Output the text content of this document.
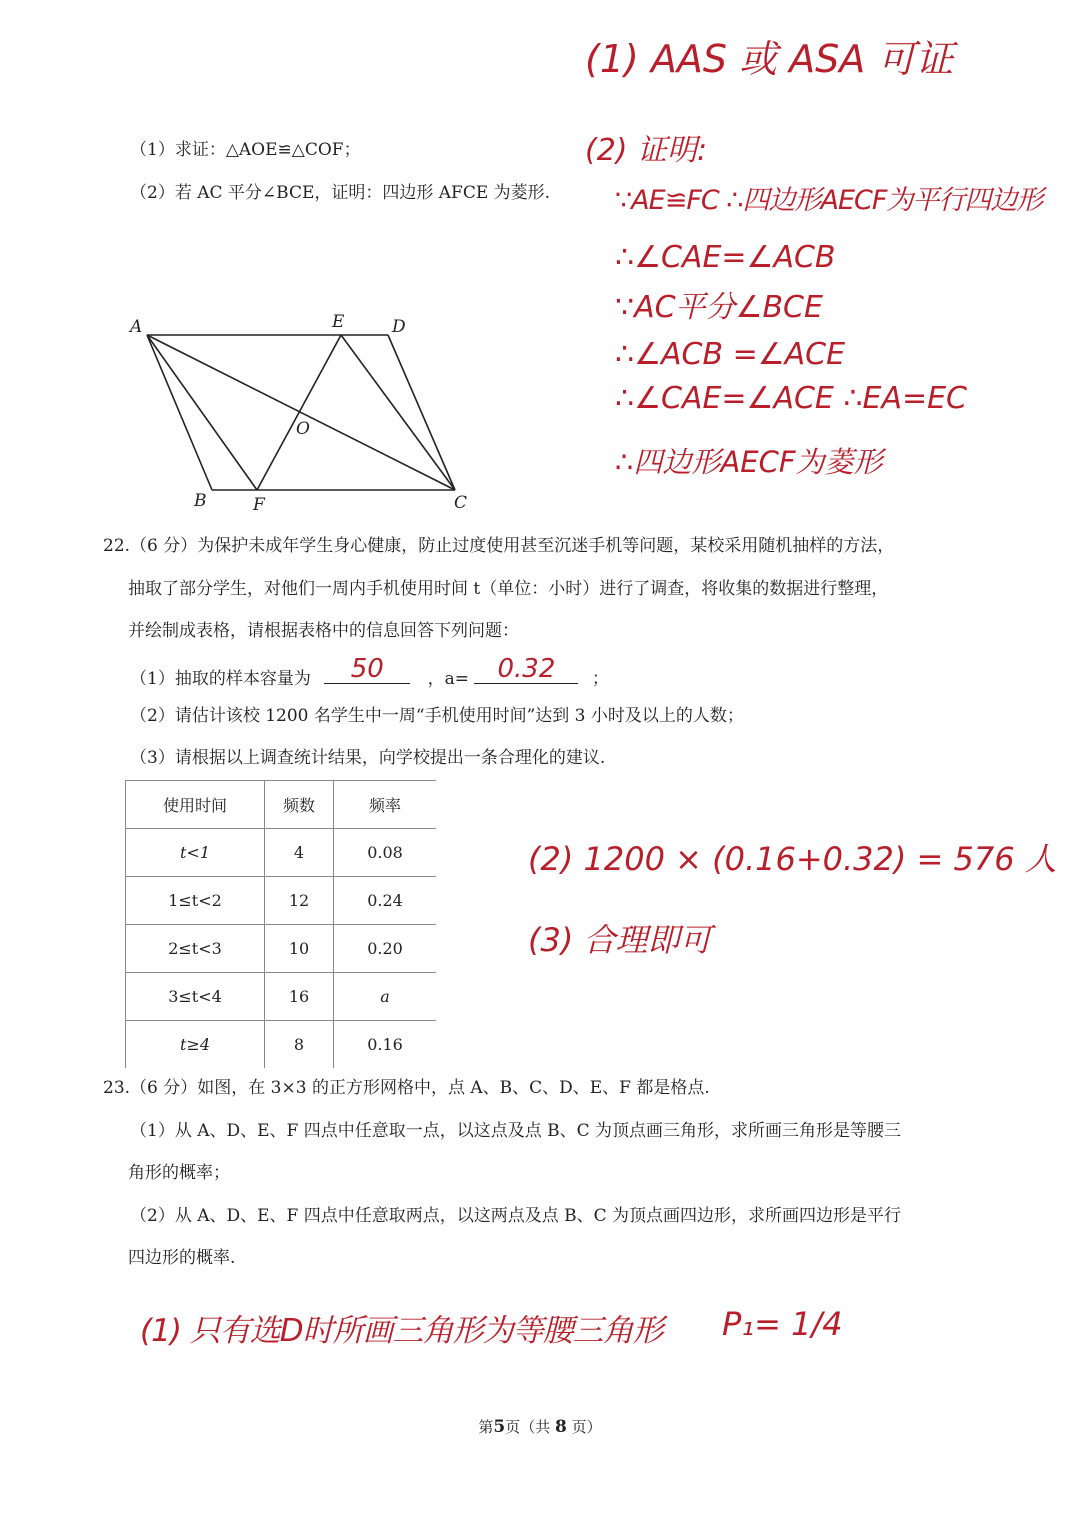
(1) AAS 或 ASA 可证
(2) 证明:
∵AE≌FC ∴四边形AECF为平行四边形
∴∠CAE=∠ACB
∵AC平分∠BCE
∴∠ACB =∠ACE
∴∠CAE=∠ACE ∴EA=EC
∴四边形AECF为菱形
（1）求证：△AOE≌△COF；
（2）若 AC 平分∠BCE，证明：四边形 AFCE 为菱形.
A	E	D
O
B	F	C
22.（6 分）为保护未成年学生身心健康，防止过度使用甚至沉迷手机等问题，某校采用随机抽样的方法，
抽取了部分学生，对他们一周内手机使用时间 t（单位：小时）进行了调查，将收集的数据进行整理，
并绘制成表格，请根据表格中的信息回答下列问题：
（1）抽取的样本容量为	50	，a=	0.32	；
（2）请估计该校 1200 名学生中一周“手机使用时间”达到 3 小时及以上的人数；
（3）请根据以上调查统计结果，向学校提出一条合理化的建议.
使用时间	频数	频率
t<1	4	0.08
1≤t<2	12	0.24
2≤t<3	10	0.20
3≤t<4	16	a
t≥4	8	0.16
(2) 1200 × (0.16+0.32) = 576 人
(3) 合理即可
23.（6 分）如图，在 3×3 的正方形网格中，点 A、B、C、D、E、F 都是格点.
（1）从 A、D、E、F 四点中任意取一点，以这点及点 B、C 为顶点画三角形，求所画三角形是等腰三
角形的概率；
（2）从 A、D、E、F 四点中任意取两点，以这两点及点 B、C 为顶点画四边形，求所画四边形是平行
四边形的概率.
(1) 只有选D时所画三角形为等腰三角形 P₁= 1/4
第5页（共 8 页）
